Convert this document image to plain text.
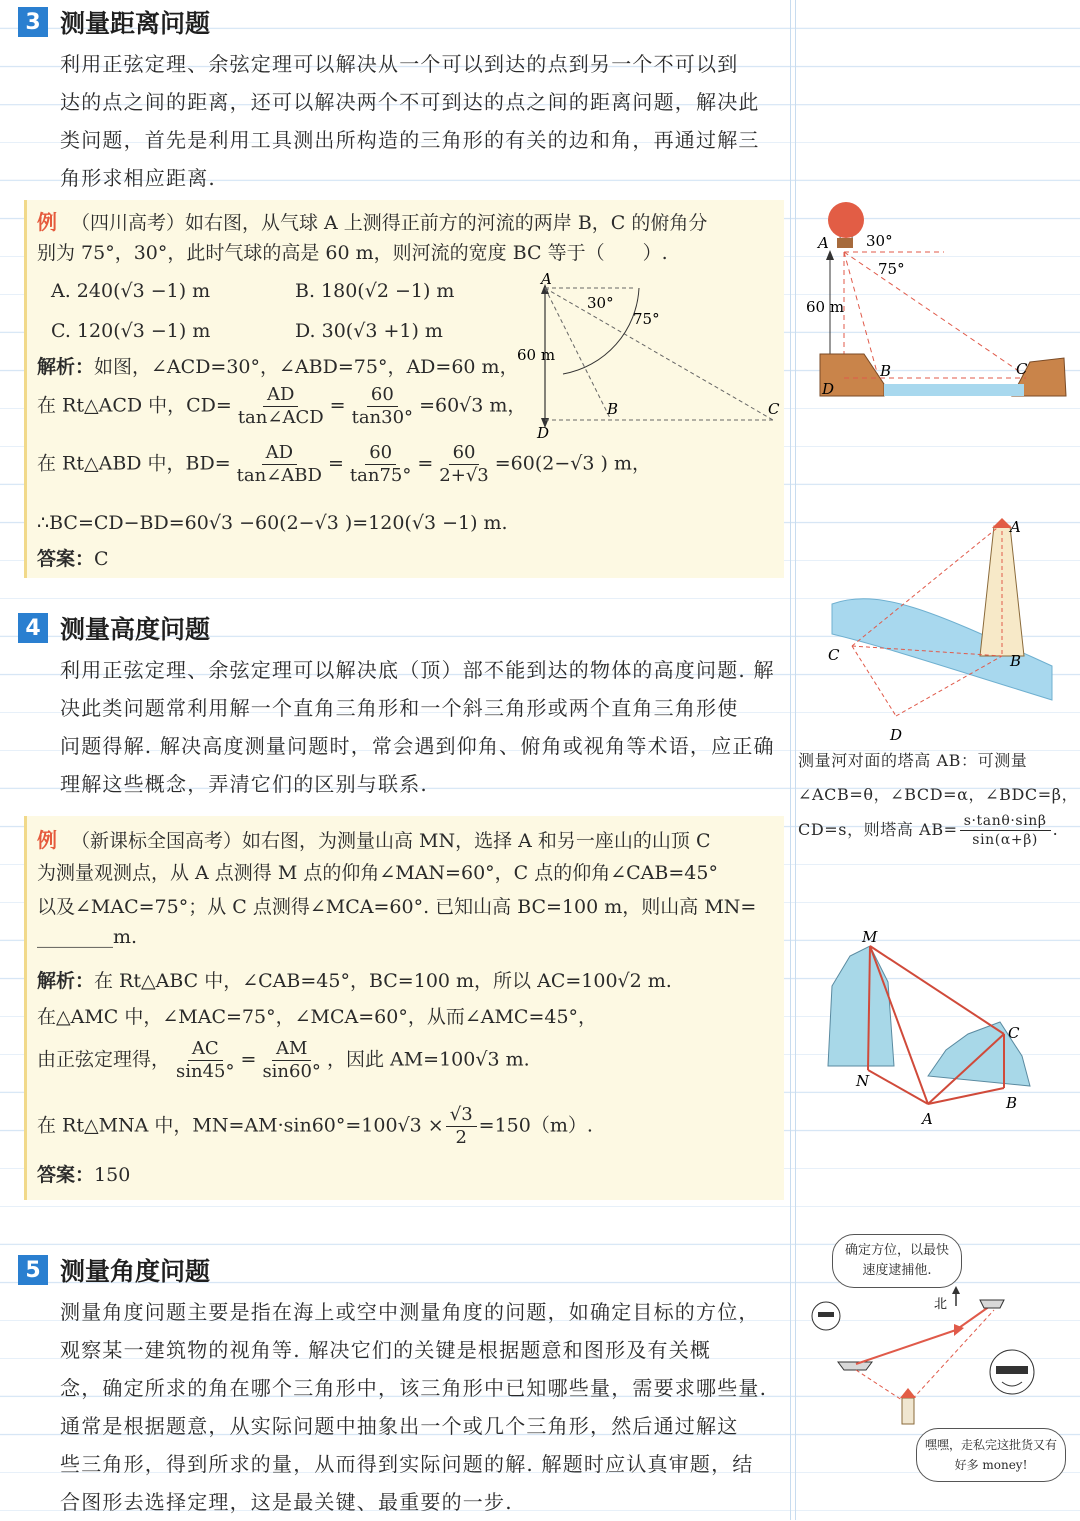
3 测量距离问题

利用正弦定理、余弦定理可以解决从一个可以到达的点到另一个不可以到

达的点之间的距离，还可以解决两个不可到达的点之间的距离问题，解决此

类问题，首先是利用工具测出所构造的三角形的有关的边和角，再通过解三

角形求相应距离.

例 （四川高考）如右图，从气球 A 上测得正前方的河流的两岸 B，C 的俯角分
别为 75°，30°，此时气球的高是 60 m，则河流的宽度 BC 等于（　　）.
A. 240(√3 −1) m	B. 180(√2 −1) m
C. 120(√3 −1) m	D. 30(√3 +1) m
解析：如图，∠ACD=30°，∠ABD=75°，AD=60 m，
在 Rt△ACD 中，$CD= \frac{AD}{\text{tan∠ACD}} = \frac{60}{\tan 30^\circ} =60√3$ m，
在 Rt△ABD 中，$BD= \frac{AD}{\text{tan∠ABD}} = \frac{60}{\tan 75^\circ} = \frac{60}{2+√3} =60(2-√3$ ) m，
∴BC=CD−BD=60√3 −60(2−√3 )=120(√3 −1) m.
答案：C
A
30°
75°
60 m
B	C
D
4 测量高度问题

利用正弦定理、余弦定理可以解决底（顶）部不能到达的物体的高度问题. 解

决此类问题常利用解一个直角三角形和一个斜三角形或两个直角三角形使

问题得解. 解决高度测量问题时，常会遇到仰角、俯角或视角等术语，应正确

理解这些概念，弄清它们的区别与联系.

例 （新课标全国高考）如右图，为测量山高 MN，选择 A 和另一座山的山顶 C
为测量观测点，从 A 点测得 M 点的仰角∠MAN=60°，C 点的仰角∠CAB=45°
以及∠MAC=75°；从 C 点测得∠MCA=60°. 已知山高 BC=100 m，则山高 MN=
________m.
解析：在 Rt△ABC 中，∠CAB=45°，BC=100 m，所以 AC=100√2 m.
在△AMC 中，∠MAC=75°，∠MCA=60°，从而∠AMC=45°，
由正弦定理得， $\frac{AC}{\sin 45^\circ} = \frac{AM}{\sin 60^\circ}$ ，因此 AM=100√3 m.
在 Rt△MNA 中，$MN=AM\cdot\sin 60^\circ=100√3 \times \frac{√3}{2} =150(m)$.
答案：150
5 测量角度问题

测量角度问题主要是指在海上或空中测量角度的问题，如确定目标的方位，

观察某一建筑物的视角等. 解决它们的关键是根据题意和图形及有关概

念，确定所求的角在哪个三角形中，该三角形中已知哪些量，需要求哪些量.

通常是根据题意，从实际问题中抽象出一个或几个三角形，然后通过解这

些三角形，得到所求的量，从而得到实际问题的解. 解题时应认真审题，结

合图形去选择定理，这是最关键、最重要的一步.

A 30°
75°
60 m
B	C
D
A
B
C
D
测量河对面的塔高 AB：可测量
∠ACB=θ，∠BCD=α，∠BDC=β，
CD=s，则塔高 $AB= \frac{s\cdot\tan\theta\cdot\sin\beta}{\sin(\alpha+\beta)}$ .
M
N
A
B
C
确定方位，以最快速度逮捕他.
北
嘿嘿，走私完这批货又有好多 money!
